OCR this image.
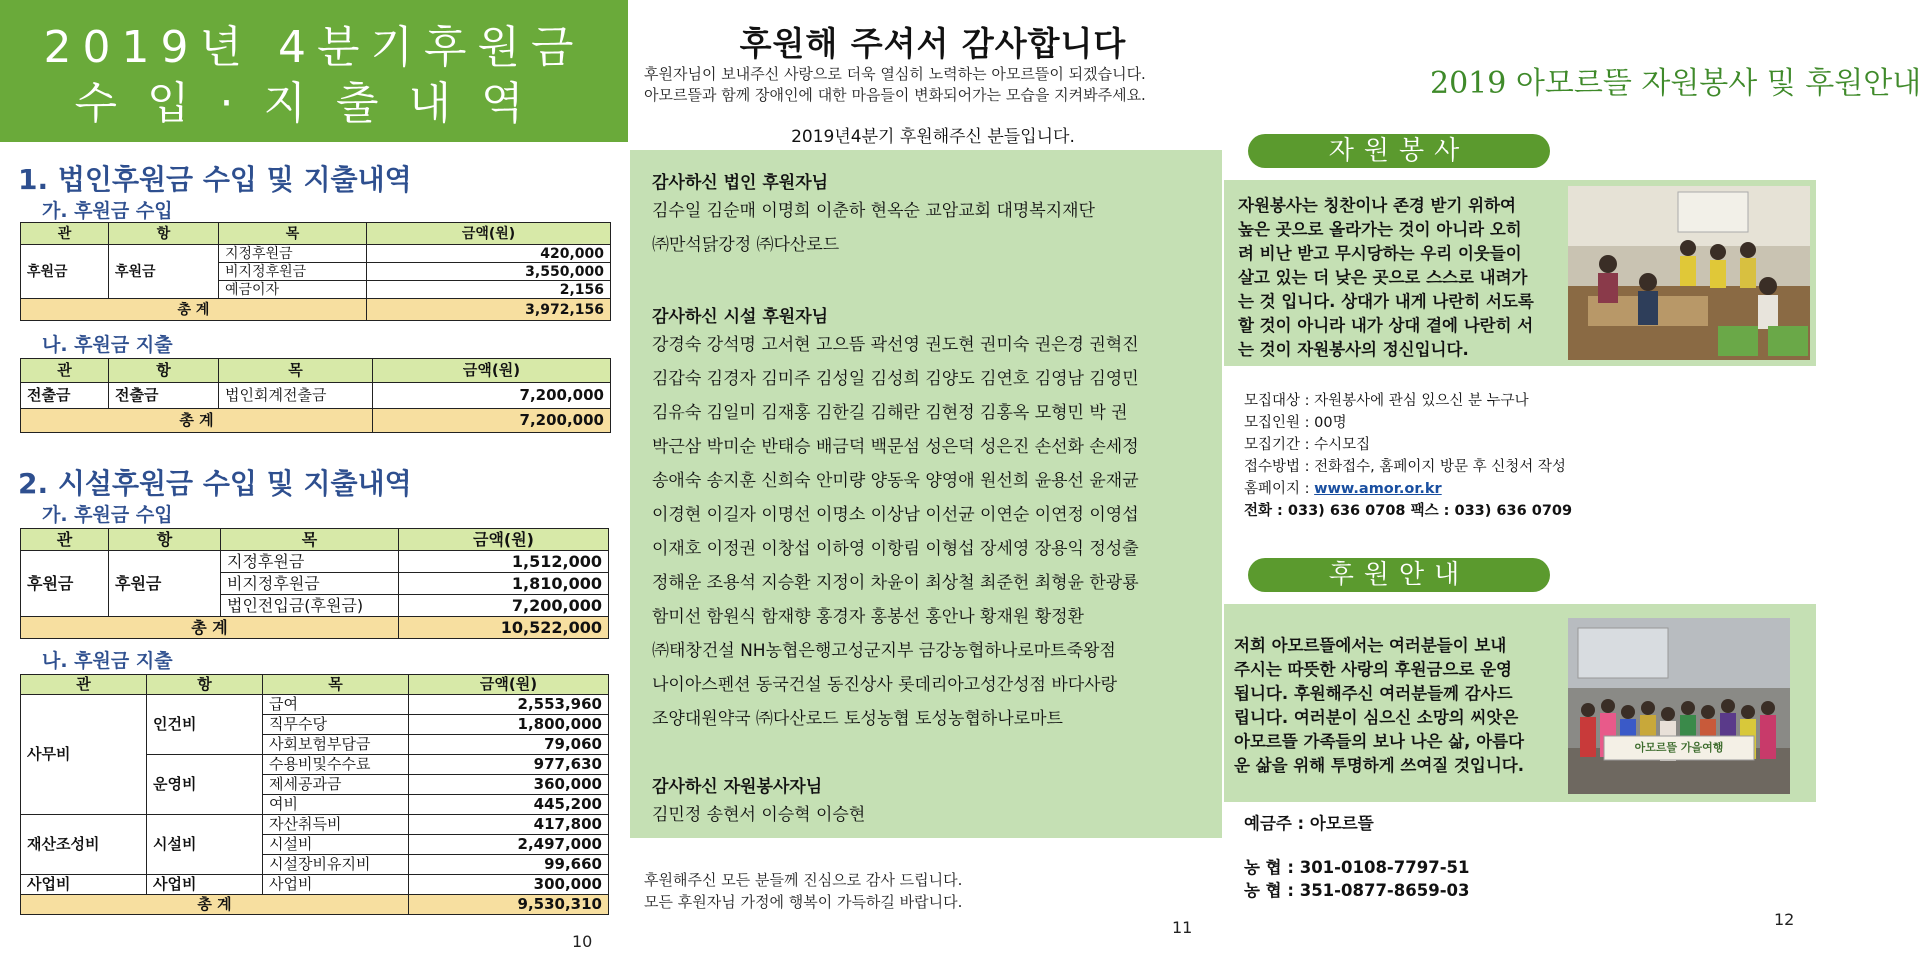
2019년 4분기후원금
수입·지출내역
1. 법인후원금 수입 및 지출내역
가. 후원금 수입
관	항	목	금액(원)
후원금	후원금	지정후원금	420,000
		비지정후원금	3,550,000
		예금이자	2,156
총 계			3,972,156
나. 후원금 지출
관	항	목	금액(원)
전출금	전출금	법인회계전출금	7,200,000
총 계			7,200,000
2. 시설후원금 수입 및 지출내역
가. 후원금 수입
관	항	목	금액(원)
후원금	후원금	지정후원금	1,512,000
		비지정후원금	1,810,000
		법인전입금(후원금)	7,200,000
총 계			10,522,000
나. 후원금 지출
관	항	목	금액(원)
사무비	인건비	급여	2,553,960
		직무수당	1,800,000
		사회보험부담금	79,060
	운영비	수용비및수수료	977,630
		제세공과금	360,000
		여비	445,200
재산조성비	시설비	자산취득비	417,800
		시설비	2,497,000
		시설장비유지비	99,660
사업비	사업비	사업비	300,000
총 계			9,530,310
10
후원해 주셔서 감사합니다
후원자님이 보내주신 사랑으로 더욱 열심히 노력하는 아모르뜰이 되겠습니다.
아모르뜰과 함께 장애인에 대한 마음들이 변화되어가는 모습을 지켜봐주세요.
2019년4분기 후원해주신 분들입니다.
감사하신 법인 후원자님
김수일 김순매 이명희 이춘하 현옥순 교암교회 대명복지재단
㈜만석닭강정 ㈜다산로드
감사하신 시설 후원자님
강경숙 강석명 고서현 고으뜸 곽선영 권도현 권미숙 권은경 권혁진
김갑숙 김경자 김미주 김성일 김성희 김양도 김연호 김영남 김영민
김유숙 김일미 김재홍 김한길 김해란 김현정 김홍옥 모형민 박 권
박근삼 박미순 반태승 배금덕 백문섬 성은덕 성은진 손선화 손세정
송애숙 송지훈 신희숙 안미량 양동욱 양영애 원선희 윤용선 윤재균
이경현 이길자 이명선 이명소 이상남 이선균 이연순 이연정 이영섭
이재호 이정권 이창섭 이하영 이항림 이형섭 장세영 장용익 정성출
정해운 조용석 지승환 지정이 차윤이 최상철 최준헌 최형윤 한광룡
함미선 함원식 함재향 홍경자 홍봉선 홍안나 황재원 황정환
㈜태창건설 NH농협은행고성군지부 금강농협하나로마트죽왕점
나이아스펜션 동국건설 동진상사 롯데리아고성간성점 바다사랑
조양대원약국 ㈜다산로드 토성농협 토성농협하나로마트
감사하신 자원봉사자님
김민정 송현서 이승혁 이승현
후원해주신 모든 분들께 진심으로 감사 드립니다.
모든 후원자님 가정에 행복이 가득하길 바랍니다.
11
2019 아모르뜰 자원봉사 및 후원안내
자원봉사
자원봉사는 칭찬이나 존경 받기 위하여
높은 곳으로 올라가는 것이 아니라 오히
려 비난 받고 무시당하는 우리 이웃들이
살고 있는 더 낮은 곳으로 스스로 내려가
는 것 입니다. 상대가 내게 나란히 서도록
할 것이 아니라 내가 상대 곁에 나란히 서
는 것이 자원봉사의 정신입니다.
모집대상 : 자원봉사에 관심 있으신 분 누구나
모집인원 : 00명
모집기간 : 수시모집
접수방법 : 전화접수, 홈페이지 방문 후 신청서 작성
홈페이지 : www.amor.or.kr
전화 : 033) 636 0708 팩스 : 033) 636 0709
후원안내
저희 아모르뜰에서는 여러분들이 보내
주시는 따뜻한 사랑의 후원금으로 운영
됩니다. 후원해주신 여러분들께 감사드
립니다. 여러분이 심으신 소망의 씨앗은
아모르뜰 가족들의 보나 나은 삶, 아름다
운 삶을 위해 투명하게 쓰여질 것입니다.
아모르뜰 가을여행
예금주 : 아모르뜰
농 협 : 301-0108-7797-51
농 협 : 351-0877-8659-03
12
